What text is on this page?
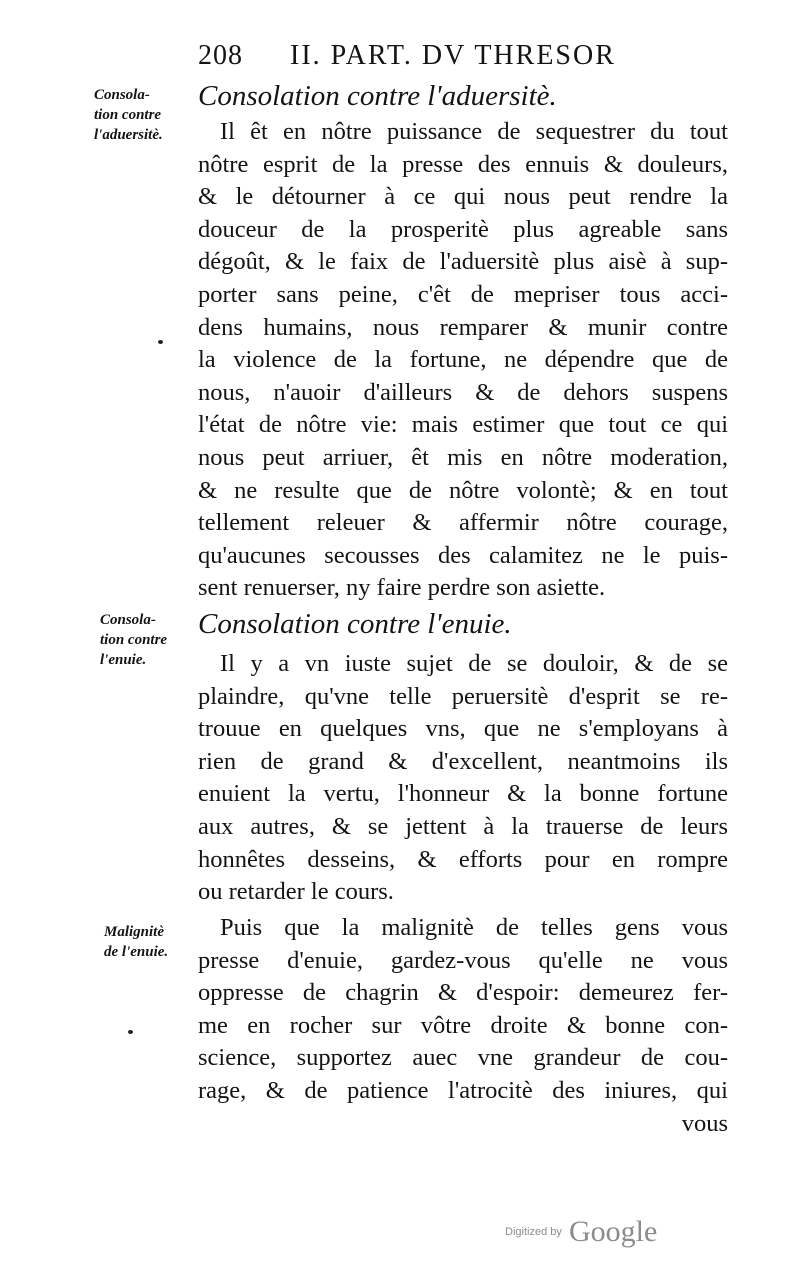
208 II. PART. DV THRESOR
Consola-
tion contre
l'aduersitè.
Consolation contre l'aduersitè.
Il êt en nôtre puissance de sequestrer du tout
nôtre esprit de la presse des ennuis & douleurs,
& le détourner à ce qui nous peut rendre la
douceur de la prosperitè plus agreable sans
dégoût, & le faix de l'aduersitè plus aisè à sup-
porter sans peine, c'êt de mepriser tous acci-
dens humains, nous remparer & munir contre
la violence de la fortune, ne dépendre que de
nous, n'auoir d'ailleurs & de dehors suspens
l'état de nôtre vie: mais estimer que tout ce qui
nous peut arriuer, êt mis en nôtre moderation,
& ne resulte que de nôtre volontè; & en tout
tellement releuer & affermir nôtre courage,
qu'aucunes secousses des calamitez ne le puis-
sent renuerser, ny faire perdre son asiette.
Consola-
tion contre
l'enuie.
Consolation contre l'enuie.
Il y a vn iuste sujet de se douloir, & de se
plaindre, qu'vne telle peruersitè d'esprit se re-
trouue en quelques vns, que ne s'employans à
rien de grand & d'excellent, neantmoins ils
enuient la vertu, l'honneur & la bonne fortune
aux autres, & se jettent à la trauerse de leurs
honnêtes desseins, & efforts pour en rompre
ou retarder le cours.
Malignitè
de l'enuie.
Puis que la malignitè de telles gens vous
presse d'enuie, gardez-vous qu'elle ne vous
oppresse de chagrin & d'espoir: demeurez fer-
me en rocher sur vôtre droite & bonne con-
science, supportez auec vne grandeur de cou-
rage, & de patience l'atrocitè des iniures, qui
vous
Digitized by Google
